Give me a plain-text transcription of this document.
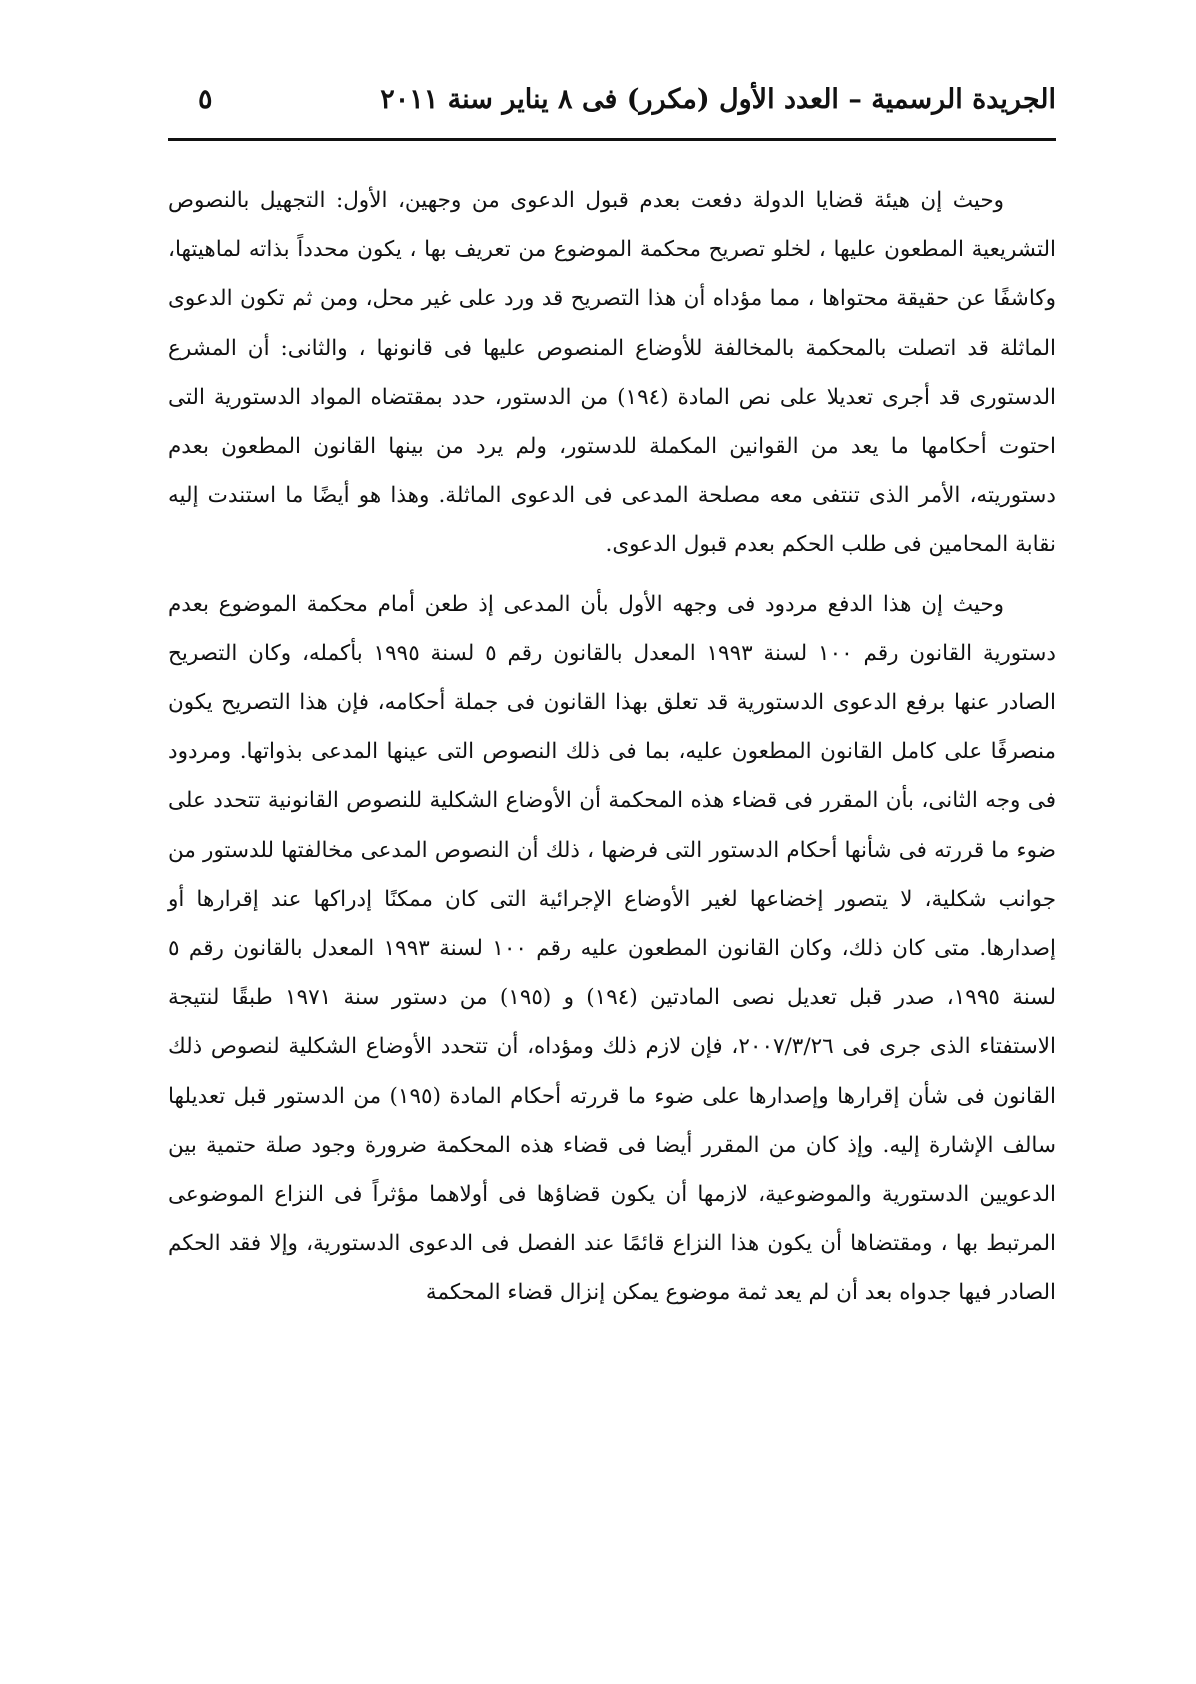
الجريدة الرسمية – العدد الأول (مكرر) فى ٨ يناير سنة ٢٠١١
٥

وحيث إن هيئة قضايا الدولة دفعت بعدم قبول الدعوى من وجهين، الأول: التجهيل بالنصوص التشريعية المطعون عليها ، لخلو تصريح محكمة الموضوع من تعريف بها ، يكون محدداً بذاته لماهيتها، وكاشفًا عن حقيقة محتواها ، مما مؤداه أن هذا التصريح قد ورد على غير محل، ومن ثم تكون الدعوى الماثلة قد اتصلت بالمحكمة بالمخالفة للأوضاع المنصوص عليها فى قانونها ، والثانى: أن المشرع الدستورى قد أجرى تعديلا على نص المادة (١٩٤) من الدستور، حدد بمقتضاه المواد الدستورية التى احتوت أحكامها ما يعد من القوانين المكملة للدستور، ولم يرد من بينها القانون المطعون بعدم دستوريته، الأمر الذى تنتفى معه مصلحة المدعى فى الدعوى الماثلة. وهذا هو أيضًا ما استندت إليه نقابة المحامين فى طلب الحكم بعدم قبول الدعوى.

وحيث إن هذا الدفع مردود فى وجهه الأول بأن المدعى إذ طعن أمام محكمة الموضوع بعدم دستورية القانون رقم ١٠٠ لسنة ١٩٩٣ المعدل بالقانون رقم ٥ لسنة ١٩٩٥ بأكمله، وكان التصريح الصادر عنها برفع الدعوى الدستورية قد تعلق بهذا القانون فى جملة أحكامه، فإن هذا التصريح يكون منصرفًا على كامل القانون المطعون عليه، بما فى ذلك النصوص التى عينها المدعى بذواتها. ومردود فى وجه الثانى، بأن المقرر فى قضاء هذه المحكمة أن الأوضاع الشكلية للنصوص القانونية تتحدد على ضوء ما قررته فى شأنها أحكام الدستور التى فرضها ، ذلك أن النصوص المدعى مخالفتها للدستور من جوانب شكلية، لا يتصور إخضاعها لغير الأوضاع الإجرائية التى كان ممكنًا إدراكها عند إقرارها أو إصدارها. متى كان ذلك، وكان القانون المطعون عليه رقم ١٠٠ لسنة ١٩٩٣ المعدل بالقانون رقم ٥ لسنة ١٩٩٥، صدر قبل تعديل نصى المادتين (١٩٤) و (١٩٥) من دستور سنة ١٩٧١ طبقًا لنتيجة الاستفتاء الذى جرى فى ٢٠٠٧/٣/٢٦، فإن لازم ذلك ومؤداه، أن تتحدد الأوضاع الشكلية لنصوص ذلك القانون فى شأن إقرارها وإصدارها على ضوء ما قررته أحكام المادة (١٩٥) من الدستور قبل تعديلها سالف الإشارة إليه. وإذ كان من المقرر أيضا فى قضاء هذه المحكمة ضرورة وجود صلة حتمية بين الدعويين الدستورية والموضوعية، لازمها أن يكون قضاؤها فى أولاهما مؤثراً فى النزاع الموضوعى المرتبط بها ، ومقتضاها أن يكون هذا النزاع قائمًا عند الفصل فى الدعوى الدستورية، وإلا فقد الحكم الصادر فيها جدواه بعد أن لم يعد ثمة موضوع يمكن إنزال قضاء المحكمة
